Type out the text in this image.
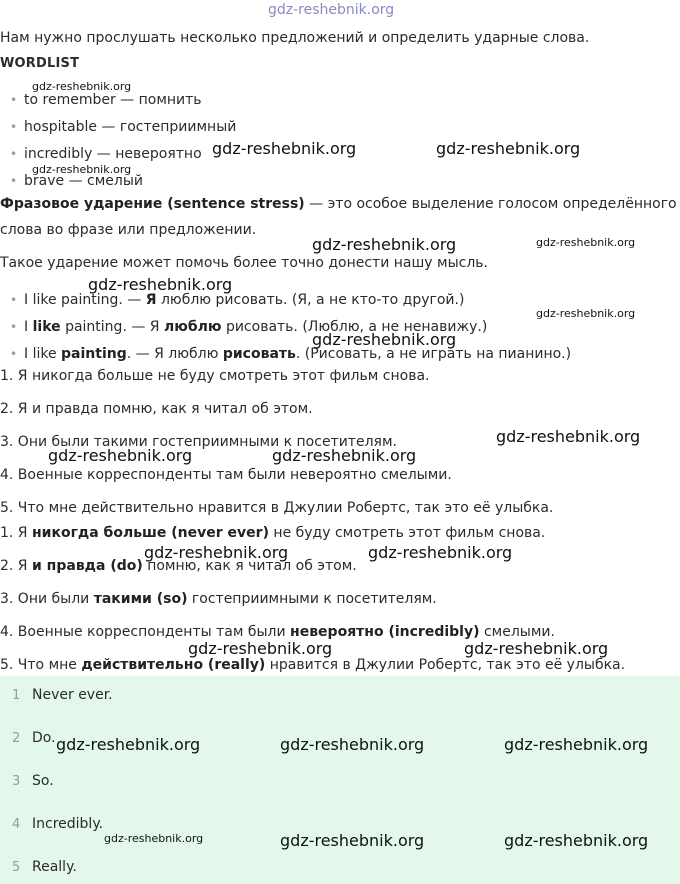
gdz-reshebnik.org
Нам нужно прослушать несколько предложений и определить ударные слова.
WORDLIST
• to remember — помнить
• hospitable — гостеприимный
• incredibly — невероятно
• brave — смелый
Фразовое ударение (sentence stress) — это особое выделение голосом определённого
слова во фразе или предложении.
Такое ударение может помочь более точно донести нашу мысль.
• I like painting. — Я люблю рисовать. (Я, а не кто-то другой.)
• I like painting. — Я люблю рисовать. (Люблю, а не ненавижу.)
• I like painting. — Я люблю рисовать. (Рисовать, а не играть на пианино.)
1. Я никогда больше не буду смотреть этот фильм снова.
2. Я и правда помню, как я читал об этом.
3. Они были такими гостеприимными к посетителям.
4. Военные корреспонденты там были невероятно смелыми.
5. Что мне действительно нравится в Джулии Робертс, так это её улыбка.
1. Я никогда больше (never ever) не буду смотреть этот фильм снова.
2. Я и правда (do) помню, как я читал об этом.
3. Они были такими (so) гостеприимными к посетителям.
4. Военные корреспонденты там были невероятно (incredibly) смелыми.
5. Что мне действительно (really) нравится в Джулии Робертс, так это её улыбка.
1 Never ever.
2 Do.
3 So.
4 Incredibly.
5 Really.
gdz-reshebnik.org
gdz-reshebnik.org	gdz-reshebnik.org
gdz-reshebnik.org
gdz-reshebnik.org	gdz-reshebnik.org
gdz-reshebnik.org
gdz-reshebnik.org
gdz-reshebnik.org
gdz-reshebnik.org
gdz-reshebnik.org	gdz-reshebnik.org
gdz-reshebnik.org	gdz-reshebnik.org
gdz-reshebnik.org	gdz-reshebnik.org
gdz-reshebnik.org	gdz-reshebnik.org	gdz-reshebnik.org
gdz-reshebnik.org	gdz-reshebnik.org	gdz-reshebnik.org
